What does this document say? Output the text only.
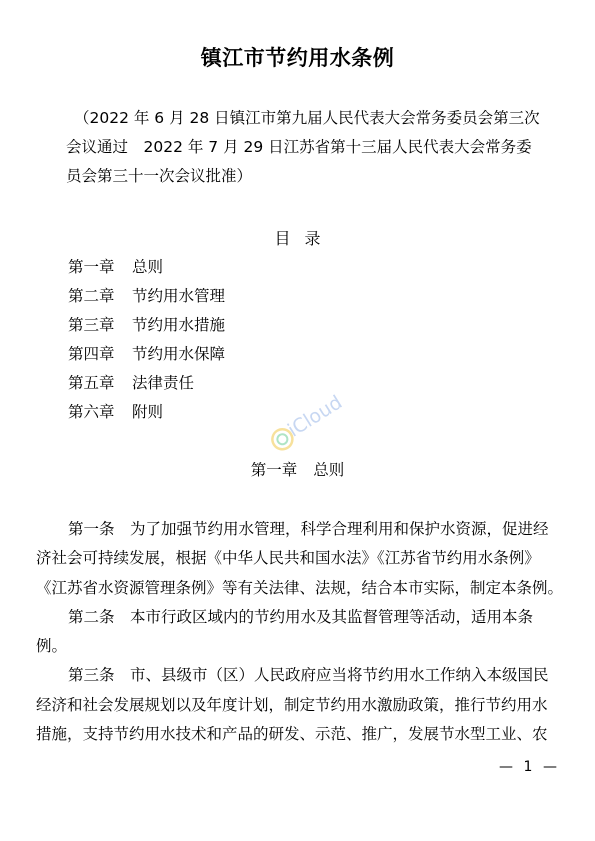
镇江市节约用水条例
（2022 年 6 月 28 日镇江市第九届人民代表大会常务委员会第三次
会议通过　2022 年 7 月 29 日江苏省第十三届人民代表大会常务委
员会第三十一次会议批准）
目录
第一章 总则
第二章 节约用水管理
第三章 节约用水措施
第四章 节约用水保障
第五章 法律责任
第六章 附则	iCloud
第一章 总则
第一条　为了加强节约用水管理，科学合理利用和保护水资源，促进经
济社会可持续发展，根据《中华人民共和国水法》《江苏省节约用水条例》
《江苏省水资源管理条例》等有关法律、法规，结合本市实际，制定本条例。
第二条　本市行政区域内的节约用水及其监督管理等活动，适用本条
例。
第三条　市、县级市（区）人民政府应当将节约用水工作纳入本级国民
经济和社会发展规划以及年度计划，制定节约用水激励政策，推行节约用水
措施，支持节约用水技术和产品的研发、示范、推广，发展节水型工业、农
— 1 —
